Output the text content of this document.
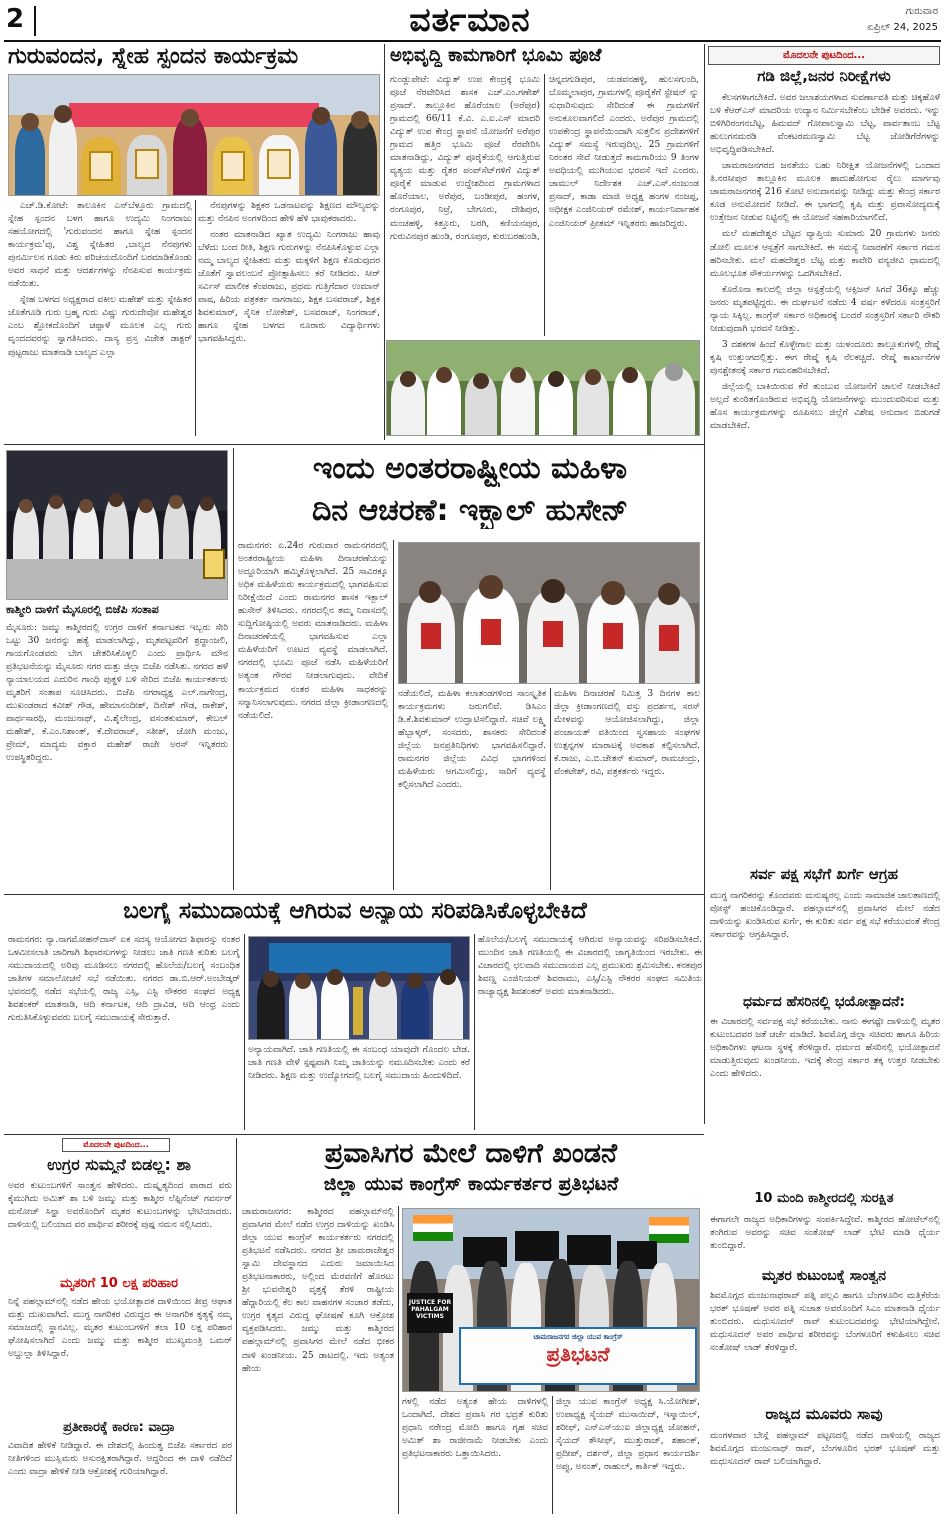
2	ವರ್ತಮಾನ	ಗುರುವಾರ
ಏಪ್ರಿಲ್ 24, 2025
ಗುರುವಂದನ, ಸ್ನೇಹ ಸ್ಪಂದನ ಕಾರ್ಯಕ್ರಮ

ಎಚ್.ಡಿ.ಕೋಟೆ: ತಾಲೂಕಿನ ಎನ್‌ಬೆಳ್ತೂರು ಗ್ರಾಮದಲ್ಲಿ ಸ್ನೇಹ ಸ್ಪಂದನ ಬಳಗ ಹಾಗೂ ಉದ್ಯಮಿ ನಿಂಗರಾಜು ಸಹಯೋಗದಲ್ಲಿ 'ಗುರುವಂದನ ಹಾಗೂ ಸ್ನೇಹ ಸ್ಪಂದನ ಕಾರ್ಯಕ್ರಮ'ವು, ವಿಶ್ವ ಸ್ನೇಹಿತರ ,ಬಾಲ್ಯದ ನೆನಪುಗಳು ಪುನರ್ಮಿಲನ ಗೂಡು ಕಿರು ಪರಿಚಯದೊಂದಿಗೆ ಬರಮಾಡಿಕೊಂಡು ಅವರ ಸಾಧನೆ ಮತ್ತು ಆದರ್ಶಗಳನ್ನು ನೆನಪಿಸುವ ಕಾರ್ಯಕ್ರಮ ನಡೆಯಿತು.

ಸ್ನೇಹ ಬಳಗದ ಅಧ್ಯಕ್ಷರಾದ ವಕೀಲ ಮಹೇಶ್ ಮತ್ತು ಸ್ನೇಹಿತರ ಜೊತೆಗೂಡಿ ಗುರು ಬ್ರಹ್ಮ ಗುರು ವಿಷ್ಣು ಗುರುದೇವೋ ಮಹೇಶ್ವರ ಎಂಬ ಶ್ಲೋಕದೊಂದಿಗೆ ಚಪ್ಪಾಳೆ ಮೂಲಕ ಎಲ್ಲ ಗುರು ವೃಂದದವರನ್ನು ಸ್ವಾಗತಿಸಿದರು. ದಾಸ್ಯ ಪ್ರಸ್ತ ವಿಜೇತ ಡಾಕ್ಟರ್ ಪುಟ್ಟರಾಜು ಮಾತನಾಡಿ ಬಾಲ್ಯದ ಎಲ್ಲಾ

ನೆನಪುಗಳನ್ನು ಶಿಕ್ಷಕರ ಒಡನಾಟವನ್ನು ಶಿಕ್ಷಣದ ಮೌಲ್ಯವನ್ನು ಮತ್ತು ನೆನಪಿನ ಅಂಗಳದಿಂದ ಹೇಳಿ ಹೆಳಿ ಭಾವುಕರಾದರು.

ನಂತರ ಮಾತನಾಡಿದ ಖ್ಯಾತ ಉದ್ಯಮಿ ನಿಂಗರಾಜು ಹಾವು ಬೆಳೆದು ಬಂದ ರೀತಿ, ಶಿಕ್ಷಣ ಗುರುಗಳನ್ನು ನೆನಪಿಸಿಕೊಳ್ಳುವ ಎಲ್ಲಾ ನಮ್ಮ ಬಾಲ್ಯದ ಸ್ನೇಹಿತರು ಮತ್ತು ಮಕ್ಕಳಿಗೆ ಶಿಕ್ಷಣ ಕೊಡುವುದರ ಜೊತೆಗೆ ಸ್ವಾವಲಂಬನೆ ಪ್ರೋತ್ಸಾಹಿಸಲು ಕರೆ ನೀಡಿದರು. ಸೀರ್ ಸರ್ವಿಸ್ ಮಾಲೀಕ ಕೆಂಪರಾಜು, ಪ್ರಥಮ ಗುತ್ತಿಗೆದಾರ ಉಮಾನ್ ಪಾಷ, ಹಿರಿಯ ಪತ್ರಕರ್ತ ನಾಗರಾಜು, ಶಿಕ್ಷಕ ಬಸವರಾಜ್, ಶಿಕ್ಷಕ ಶಿವಕುಮಾರ್, ಸೈನಿಕ ಲೋಕೇಶ್, ಬಸವರಾಜ್, ನಿಂಗರಾಜ್, ಹಾಗೂ ಸ್ನೇಹ ಬಳಗದ ನೂರಾರು ವಿದ್ಯಾರ್ಥಿಗಳು ಭಾಗವಹಿಸಿದ್ದರು.

ಅಭಿವೃದ್ಧಿ ಕಾಮಗಾರಿಗೆ ಭೂಮಿ ಪೂಜೆ
ಗುಂಡ್ಲುಪೇಟೆ: ವಿದ್ಯುತ್ ಉಪ ಕೇಂದ್ರಕ್ಕೆ ಭೂಮಿ ಪೂಜೆ ನೆರವೇರಿಸಿದ ಶಾಸಕ ಎಚ್.ಎಂ.ಗಣೇಶ್ ಪ್ರಸಾದ್. ತಾಲ್ಲೂಕಿನ ಹೊರೆಯಾಲ (ಅರೆಪುರ) ಗ್ರಾಮದಲ್ಲಿ 66/11 ಕೆ.ವಿ. ಎ.ಐ.ಎಸ್ ಮಾದರಿ ವಿದ್ಯುತ್ ಉಪ ಕೇಂದ್ರ ಸ್ಥಾಪನೆ ಯೋಜನೆಗೆ ಅರೆಪುರ ಗ್ರಾಮದ ಹತ್ತಿರ ಭೂಮಿ ಪೂಜೆ ನೆರವೇರಿಸಿ ಮಾತನಾಡಿದ್ದು, ವಿದ್ಯುತ್ ಪೂರೈಕೆಯಲ್ಲಿ ಆಗುತ್ತಿರುವ ವ್ಯತ್ಯಯ ಮತ್ತು ರೈತರ ಪಂಪ್‌ಸೆಟ್‌ಗಳಿಗೆ ವಿದ್ಯುತ್ ಪೂರೈಕೆ ಮಾಡುವ ಉದ್ದೇಶದಿಂದ ಗ್ರಾಮಗಳಾದ ಹೊರೆಯಾಲ, ಅರೆಪುರ, ಬಂಡೀಪುರ, ಹಂಗಳ, ರಂಗೂಪುರ, ನಿಟ್ರೆ, ಬೇಗೂರು, ದೇಶಿಪುರ, ಮಂಚಹಳ್ಳಿ, ಕಿತ್ತೂರು, ಬರಗಿ, ಕಣಿಯನಪುರ, ಗುರುವಿನಪುರ ಹುಂಡಿ, ರಂಗೂಪುರ, ಕುರುಬರಹುಂಡಿ,
ಚಿನ್ನದಗುಡಿಪುರ, ಯಡವನಹಳ್ಳಿ, ಹುಲಸಗುಂದಿ, ಬೊಮ್ಮಲಾಪುರ, ಗ್ರಾಮಗಳಲ್ಲಿ ಪೂರೈಕೆಗೆ ಸ್ಟೇಷನ್ ನ್ನು ಸುಧಾರಿಸುವುದು ಸೇರಿದಂತೆ ಈ ಗ್ರಾಮಗಳಿಗೆ ಅನುಕೂಲವಾಗಲಿದೆ ಎಂದರು. ಅರೆಪುರ ಗ್ರಾಮದಲ್ಲಿ ಉಪಕೇಂದ್ರ ಸ್ಥಾಪನೆಯಿಂದಾಗಿ ಸುತ್ತಲಿನ ಪ್ರದೇಶಗಳಿಗೆ ವಿದ್ಯುತ್ ಸಮಸ್ಯೆ ಇರುವುದಿಲ್ಲ. 25 ಗ್ರಾಮಗಳಿಗೆ ನಿರಂತರ ಸೇವೆ ನೀಡುತ್ತದೆ ಕಾಮಗಾರಿಯು 9 ತಿಂಗಳ ಅವಧಿಯಲ್ಲಿ ಮುಗಿಯುವ ಭರವಸೆ ಇದೆ ಎಂದರು. ಚಾಮುಲ್ ನಿರ್ದೇಶಕ ಎಚ್.ಎಸ್.ನಂಜುಂಡ ಪ್ರಸಾದ್, ಕಾಡಾ ಮಾಜಿ ಅಧ್ಯಕ್ಷ ಹಂಗಳ ನಂಜಪ್ಪ, ಅಧೀಕ್ಷಕ ಎಂಜಿನಿಯರ್ ರಮೇಶ್, ಕಾರ್ಯನಿರ್ವಾಹಕ ಎಂಜಿನಿಯರ್ ಪ್ರೀತಮ್ ಇನ್ನಿತರರು ಹಾಜರಿದ್ದರು.
ಮೊದಲನೇ ಪುಟದಿಂದ...
ಗಡಿ ಜಿಲ್ಲೆ,ಜನರ ನಿರೀಕ್ಷೆಗಳು

ಕೆಲಸಗಳಾಗಬೇಕಿದೆ. ಅವರ ಜಲಾಶಯಗಳಾದ ಸುವರ್ಣಾವತಿ ಮತ್ತು ಚಿಕ್ಕಹೊಳೆ ಬಳಿ ಕೆಆರ್‌ಎಸ್ ಮಾದರಿಯ ಉದ್ಯಾನ ನಿರ್ಮಿಸಬೇಕೆಂಬ ಬೇಡಿಕೆ ಅವರದು. ಇನ್ನು ಬಿಳಿಗಿರಿರಂಗನಬೆಟ್ಟ, ಹಿಮವದ್ ಗೋಪಾಲಸ್ವಾಮಿ ಬೆಟ್ಟ, ಪಾರ್ವತಾಂಬ ಬೆಟ್ಟ ಹುಲುಗನಮರಡಿ ವೆಂಕಟರಮಣಸ್ವಾಮಿ ಬೆಟ್ಟ ಜೋಡಿಗೆರೆಗಳನ್ನು ಅಭಿವೃದ್ಧಿಪಡಿಸಬೇಕಿದೆ.

ಚಾಮರಾಜನಗರದ ಜನತೆಯು ಬಹು ನಿರೀಕ್ಷಿತ ಯೋಜನೆಗಳಲ್ಲಿ ಒಂದಾದ ತಿ.ನರಸೀಪುರ ತಾಲ್ಲೂಕಿನ ಮೂಲಕ ಹಾದುಹೋಗುವ ರೈಲು ಮಾರ್ಗವು ಚಾಮರಾಜನಗರಕ್ಕೆ 216 ಕೋಟಿ ಅನುದಾನವನ್ನು ನೀಡಿದ್ದು ಮತ್ತು ಕೇಂದ್ರ ಸರ್ಕಾರ ಕೂಡ ಅನುಮೋದನೆ ನೀಡಿದೆ. ಈ ಭಾಗದಲ್ಲಿ ಕೃಷಿ ಮತ್ತು ಪ್ರವಾಸೋದ್ಯಮಕ್ಕೆ ಉತ್ತೇಜನ ನೀಡುವ ನಿಟ್ಟಿನಲ್ಲಿ ಈ ಯೋಜನೆ ಸಹಕಾರಿಯಾಗಲಿದೆ.

ಮಲೆ ಮಹದೇಶ್ವರ ಬೆಟ್ಟದ ವ್ಯಾಪ್ತಿಯ ಸುಮಾರು 20 ಗ್ರಾಮಗಳು ಜನರು ಡೋಲಿ ಮೂಲಕ ಆಸ್ಪತ್ರೆಗೆ ಸಾಗಬೇಕಿದೆ. ಈ ಸಮಸ್ಯೆ ನಿವಾರಣೆಗೆ ಸರ್ಕಾರ ಗಮನ ಹರಿಸಬೇಕು. ಮಲೆ ಮಹದೇಶ್ವರ ಬೆಟ್ಟ ಮತ್ತು ಕಾವೇರಿ ವನ್ಯಜೀವಿ ಧಾಮದಲ್ಲಿ ಮೂಲಭೂತ ಸೌಕರ್ಯಗಳನ್ನು ಒದಗಿಸಬೇಕಿದೆ.

ಕೊರೊನಾ ಕಾಲದಲ್ಲಿ ಜಿಲ್ಲಾ ಆಸ್ಪತ್ರೆಯಲ್ಲಿ ಆಕ್ಸಿಜನ್ ಸಿಗದೆ 36ಕ್ಕೂ ಹೆಚ್ಚು ಜನರು ಮೃತಪಟ್ಟಿದ್ದರು. ಈ ದುರ್ಘಟನೆ ನಡೆದು 4 ವರ್ಷ ಕಳೆದರೂ ಸಂತ್ರಸ್ತರಿಗೆ ನ್ಯಾಯ ಸಿಕ್ಕಿಲ್ಲ. ಕಾಂಗ್ರೆಸ್ ಸರ್ಕಾರ ಅಧಿಕಾರಕ್ಕೆ ಬಂದರೆ ಸಂತ್ರಸ್ತರಿಗೆ ಸರ್ಕಾರಿ ನೌಕರಿ ನೀಡುವುದಾಗಿ ಭರವಸೆ ನೀಡಿತ್ತು.

3 ದಶಕಗಳ ಹಿಂದೆ ಕೊಳ್ಳೇಗಾಲ ಮತ್ತು ಯಳಂದೂರು ತಾಲ್ಲೂಕುಗಳಲ್ಲಿ ರೇಷ್ಮೆ ಕೃಷಿ ಉತ್ತುಂಗದಲ್ಲಿತ್ತು. ಈಗ ರೇಷ್ಮೆ ಕೃಷಿ ನೆಲಕಚ್ಚಿದೆ. ರೇಷ್ಮೆ ಕಾರ್ಖಾನೆಗಳ ಪುನಶ್ಚೇತನಕ್ಕೆ ಸರ್ಕಾರ ಗಮನಹರಿಸಬೇಕಿದೆ.

ಜಿಲ್ಲೆಯಲ್ಲಿ ಬಾಕಿಯಿರುವ ಕೆರೆ ತುಂಬುವ ಯೋಜನೆಗೆ ಚಾಲನೆ ನೀಡಬೇಕಿದೆ ಅಲ್ಲದೆ ಕುಂಠಿತಗೊಂಡಿರುವ ಅಭಿವೃದ್ಧಿ ಯೋಜನೆಗಳನ್ನು ಮುಂದುವರಿಸುವ ಮತ್ತು ಹೊಸ ಕಾರ್ಯಕ್ರಮಗಳನ್ನು ರೂಪಿಸಲು ಜಿಲ್ಲೆಗೆ ವಿಶೇಷ ಅನುದಾನ ಬಿಡುಗಡೆ ಮಾಡಬೇಕಿದೆ.

ಸರ್ವ ಪಕ್ಷ ಸಭೆಗೆ ಖರ್ಗೆ ಆಗ್ರಹ
ಮುಗ್ಧ ನಾಗರಿಕರನ್ನು ಕೊಂದವರು ಮನುಷ್ಯರಲ್ಲ ಎಂದು ಸಾಮಾಜಿಕ ಜಾಲತಾಣದಲ್ಲಿ ಪೋಸ್ಟ್ ಹಂಚಿಕೊಂಡಿದ್ದಾರೆ. ಪಹಲ್ಗಾಮ್‌ನಲ್ಲಿ ಪ್ರವಾಸಿಗರ ಮೇಲೆ ನಡೆದ ದಾಳಿಯನ್ನು ಖಂಡಿಸಿರುವ ಖರ್ಗೆ, ಈ ಕುರಿತು ಸರ್ವ ಪಕ್ಷ ಸಭೆ ಕರೆಯುವಂತೆ ಕೇಂದ್ರ ಸರ್ಕಾರವನ್ನು ಆಗ್ರಹಿಸಿದ್ದಾರೆ.
ಧರ್ಮದ ಹೆಸರಿನಲ್ಲಿ ಭಯೋತ್ಪಾದನೆ:
ಈ ವಿಚಾರದಲ್ಲಿ ಸರ್ವಪಕ್ಷ ಸಭೆ ಕರೆಯಬೇಕು. ನಾನು ಈಗಷ್ಟೇ ದಾಳಿಯಲ್ಲಿ ಮೃತರ ಕುಟುಂಬದವರ ಜತೆ ಚರ್ಚೆ ಮಾಡಿದೆ. ಶಿವಮೊಗ್ಗ ಜಿಲ್ಲಾ ಸಚಿವರು ಹಾಗೂ ಹಿರಿಯ ಅಧಿಕಾರಿಗಳು ಘಟನಾ ಸ್ಥಳಕ್ಕೆ ತೆರಳಿದ್ದಾರೆ. ಧರ್ಮದ ಹೆಸರಿನಲ್ಲಿ ಭಯೋತ್ಪಾದನೆ ಮಾಡುತ್ತಿರುವುದು ಖಂಡನೀಯ. ಇದಕ್ಕೆ ಕೇಂದ್ರ ಸರ್ಕಾರ ತಕ್ಕ ಉತ್ತರ ನೀಡಬೇಕು ಎಂದು ಹೇಳಿದರು.
10 ಮಂದಿ ಕಾಶ್ಮೀರದಲ್ಲಿ ಸುರಕ್ಷಿತ
ಈಗಾಗಲೇ ರಾಜ್ಯದ ಅಧಿಕಾರಿಗಳನ್ನು ಸಂಪರ್ಕಿಸಿದ್ದೇವೆ. ಕಾಶ್ಮೀರದ ಹೋಟೆಲ್‌ನಲ್ಲಿ ತಂಗಿರುವ ಅವರನ್ನು ಸಚಿವ ಸಂತೋಷ್ ಲಾಡ್ ಭೇಟಿ ಮಾಡಿ ಧೈರ್ಯ ತುಂಬಿದ್ದಾರೆ.
ಮೃತರ ಕುಟುಂಬಕ್ಕೆ ಸಾಂತ್ವನ
ಶಿವಮೊಗ್ಗದ ಮಂಜುನಾಥರಾವ್ ಪತ್ನಿ ಪಲ್ಲವಿ ಹಾಗೂ ಬೆಂಗಳೂರಿನ ಮತ್ತಿಕೆರೆಯ ಭರತ್ ಭೂಷಣ್ ಅವರ ಪತ್ನಿ ಸುಜಾತ ಅವರೊಂದಿಗೆ ಸಿಎಂ ಮಾತನಾಡಿ ಧೈರ್ಯ ತುಂಬಿದರು. ಮಧುಸೂದನ್ ರಾವ್ ಕುಟುಂಬದವರನ್ನು ಭೇಟಿಯಾಗಿದ್ದೇನೆ. ಮಧುಸೂದನ್ ಅವರ ಪಾರ್ಥಿವ ಶರೀರವನ್ನು ಬೆಂಗಳೂರಿಗೆ ಕಳುಹಿಸಲು ಸಚಿವ ಸಂತೋಷ್ ಲಾಡ್ ತೆರಳಿದ್ದಾರೆ.
ರಾಜ್ಯದ ಮೂವರು ಸಾವು
ಮಂಗಳವಾರ ಬೇಸ್ಗೆ ಪಹಲ್ಗಾಮ್ ಪಟ್ಟಣದಲ್ಲಿ ನಡೆದ ದಾಳಿಯಲ್ಲಿ ರಾಜ್ಯದ ಶಿವಮೊಗ್ಗದ ಮಂಜುನಾಥ್ ರಾವ್, ಬೆಂಗಳೂರಿನ ಭರತ್ ಭೂಷಣ್ ಮತ್ತು ಮಧುಸೂದನ್ ರಾವ್ ಬಲಿಯಾಗಿದ್ದಾರೆ.
ಕಾಶ್ಮೀರಿ ದಾಳಿಗೆ ಮೈಸೂರಲ್ಲಿ ಬಿಜೆಪಿ ಸಂತಾಪ
ಮೈಸೂರು: ಜಮ್ಮು ಕಾಶ್ಮೀರದಲ್ಲಿ ಉಗ್ರರ ದಾಳಿಗೆ ಕರ್ನಾಟಕದ ಇಬ್ಬರು ಸೇರಿ ಒಟ್ಟು 30 ಜನರನ್ನು ಹತ್ಯೆ ಮಾಡಲಾಗಿದ್ದು, ಮೃತಪಟ್ಟವರಿಗೆ ಶ್ರದ್ಧಾಂಜಲಿ, ಗಾಯಗೊಂಡವರು ಬೇಗ ಚೇತರಿಸಿಕೊಳ್ಳಲಿ ಎಂದು ಪ್ರಾರ್ಥಿಸಿ ಮೌನ ಪ್ರತಿಭಟನೆಯನ್ನು ಮೈಸೂರು ನಗರ ಮತ್ತು ಜಿಲ್ಲಾ ಬಿಜೆಪಿ ನಡೆಸಿತು. ನಗರದ ಹಳೆ ನ್ಯಾಯಾಲಯದ ಎದುರಿನ ಗಾಂಧಿ ಪುತ್ಥಳಿ ಬಳಿ ಸೇರಿದ ಬಿಜೆಪಿ ಕಾರ್ಯಕರ್ತರು ಮೃತರಿಗೆ ಸಂತಾಪ ಸೂಚಿಸಿದರು. ಬಿಜೆಪಿ ನಗರಾಧ್ಯಕ್ಷ ಎಲ್.ನಾಗೇಂದ್ರ, ಮುಖಂಡರಾದ ಕವೀಶ್ ಗೌಡ, ಹೇಮಾನಂದೀಶ್, ದಿನೇಶ್ ಗೌಡ, ರಾಕೇಶ್, ಪಾರ್ಥಸಾರಥಿ, ಮಂಜುನಾಥ್, ವಿ.ಶೈಲೇಂದ್ರ, ವಸಂತಕುಮಾರ್, ಕೇಬಲ್ ಮಹೇಶ್, ಕೆ.ಎಂ.ನಿಶಾಂತ್, ಕೆ.ದೇವರಾಜ್, ಸತೀಶ್, ಜೋಗಿ ಮಂಜು, ಪ್ರೇಮ್, ಮಾದ್ಯಮ ವಕ್ತಾರ ಮಹೇಶ್ ರಾಜೇ ಅರಸ್ ಇನ್ನಿತರರು ಉಪಸ್ಥಿತರಿದ್ದರು.
ಇಂದು ಅಂತರರಾಷ್ಟ್ರೀಯ ಮಹಿಳಾ
ದಿನ ಆಚರಣೆ: ಇಕ್ಬಾಲ್ ಹುಸೇನ್
ರಾಮನಗರ: ಏ.24ರ ಗುರುವಾರ ರಾಮನಗರದಲ್ಲಿ ಅಂತರರಾಷ್ಟ್ರೀಯ ಮಹಿಳಾ ದಿನಾಚರಣೆಯನ್ನು ಅದ್ದೂರಿಯಾಗಿ ಹಮ್ಮಿಕೊಳ್ಳಲಾಗಿದೆ. 25 ಸಾವಿರಕ್ಕೂ ಅಧಿಕ ಮಹಿಳೆಯರು ಕಾರ್ಯಕ್ರಮದಲ್ಲಿ ಭಾಗವಹಿಸುವ ನಿರೀಕ್ಷೆಯಿದೆ ಎಂದು ರಾಮನಗರ ಶಾಸಕ ಇಕ್ಬಾಲ್ ಹುಸೇನ್ ತಿಳಿಸಿದರು. ನಗರದಲ್ಲಿನ ತಮ್ಮ ನಿವಾಸದಲ್ಲಿ ಸುದ್ದಿಗೋಷ್ಠಿಯಲ್ಲಿ ಅವರು ಮಾತನಾಡಿದರು. ಮಹಿಳಾ ದಿನಾಚರಣೆಯಲ್ಲಿ ಭಾಗವಹಿಸುವ ಎಲ್ಲಾ ಮಹಿಳೆಯರಿಗೆ ಊಟದ ವ್ಯವಸ್ಥೆ ಮಾಡಲಾಗಿದೆ. ನಗರದಲ್ಲಿ ಭೂಮಿ ಪೂಜೆ ನಡೆಸಿ ಮಹಿಳೆಯರಿಗೆ ಅತ್ಯಂತ ಗೌರವ ನೀಡಲಾಗುವುದು. ವೇದಿಕೆ ಕಾರ್ಯಕ್ರಮದ ನಂತರ ಮಹಿಳಾ ಸಾಧಕರನ್ನು ಸನ್ಮಾನಿಸಲಾಗುವುದು. ನಗರದ ಜಿಲ್ಲಾ ಕ್ರೀಡಾಂಗಣದಲ್ಲಿ ನಡೆಯಲಿದೆ.
ನಡೆಯಲಿದೆ, ಮಹಿಳಾ ಕಲಾತಂಡಗಳಿಂದ ಸಾಂಸ್ಕೃತಿಕ ಕಾರ್ಯಕ್ರಮಗಳು ಜರುಗಲಿವೆ. ಡಿಸಿಎಂ ಡಿ.ಕೆ.ಶಿವಕುಮಾರ್ ಉದ್ಘಾಟಿಸಲಿದ್ದಾರೆ. ಸಚಿವೆ ಲಕ್ಷ್ಮಿ ಹೆಬ್ಬಾಳ್ಕರ್, ಸಂಸದರು, ಶಾಸಕರು ಸೇರಿದಂತೆ ಜಿಲ್ಲೆಯ ಜನಪ್ರತಿನಿಧಿಗಳು ಭಾಗವಹಿಸಲಿದ್ದಾರೆ. ರಾಮನಗರ ಜಿಲ್ಲೆಯ ವಿವಿಧ ಭಾಗಗಳಿಂದ ಮಹಿಳೆಯರು ಆಗಮಿಸಲಿದ್ದು, ಸಾರಿಗೆ ವ್ಯವಸ್ಥೆ ಕಲ್ಪಿಸಲಾಗಿದೆ ಎಂದರು.
ಮಹಿಳಾ ದಿನಾಚರಣೆ ನಿಮಿತ್ತ 3 ದಿನಗಳ ಕಾಲ ಜಿಲ್ಲಾ ಕ್ರೀಡಾಂಗಣದಲ್ಲಿ ವಸ್ತು ಪ್ರದರ್ಶನ, ಸರಸ್ ಮೇಳವನ್ನು ಆಯೋಜಿಸಲಾಗಿದ್ದು, ಜಿಲ್ಲಾ ಪಂಚಾಯತ್ ವತಿಯಿಂದ ಸ್ವಸಹಾಯ ಸಂಘಗಳ ಉತ್ಪನ್ನಗಳ ಮಾರಾಟಕ್ಕೆ ಅವಕಾಶ ಕಲ್ಪಿಸಲಾಗಿದೆ. ಕೆ.ರಾಜು, ಎ.ಬಿ.ಚೇತನ್ ಕುಮಾರ್, ರಾಮಚಂದ್ರು, ವೆಂಕಟೇಶ್, ರವಿ, ಪತ್ರಕರ್ತರು ಇದ್ದರು.
ಬಲಗೈ ಸಮುದಾಯಕ್ಕೆ ಆಗಿರುವ ಅನ್ಯಾಯ ಸರಿಪಡಿಸಿಕೊಳ್ಳಬೇಕಿದೆ
ರಾಮನಗರ: ನ್ಯಾ.ನಾಗಮೋಹನ್‌ದಾಸ್ ಏಕ ಸದಸ್ಯ ಆಯೋಗದ ಶಿಫಾರಸ್ಸು ನಂತರ ಒಳಮೀಸಲಾತಿ ಜಾರಿಗಾಗಿ ಶಿಫಾರಸುಗಳನ್ನು ನೀಡಲು ಜಾತಿ ಗಣತಿ ಕುರಿತು ಬಲಗೈ ಸಮುದಾಯದಲ್ಲಿ ಅರಿವು ಮೂಡಿಸಲು ನಗರದಲ್ಲಿ ಹೊಲೆಯ/ಬಲಗೈ ಸಂಬಂಧಿತ ಜಾತಿಗಳ ಸಮಾಲೋಚನೆ ಸಭೆ ನಡೆಯಿತು. ನಗರದ ಡಾ.ಬಿ.ಆರ್.ಅಂಬೇಡ್ಕರ್ ಭವನದಲ್ಲಿ ನಡೆದ ಸಭೆಯಲ್ಲಿ ರಾಜ್ಯ ಎಸ್ಸಿ, ಎಸ್ಟಿ ನೌಕರರ ಸಂಘದ ಅಧ್ಯಕ್ಷ ಶಿವಶಂಕರ್ ಮಾತನಾಡಿ, ಆದಿ ಕರ್ನಾಟಕ, ಆದಿ ದ್ರಾವಿಡ, ಆದಿ ಆಂಧ್ರ ಎಂದು ಗುರುತಿಸಿಕೊಳ್ಳುವವರು ಬಲಗೈ ಸಮುದಾಯಕ್ಕೆ ಸೇರುತ್ತಾರೆ.
ಅನ್ಯಾಯವಾಗಿದೆ. ಜಾತಿ ಗಣತಿಯಲ್ಲಿ ಈ ಸಂಬಂಧ ಯಾವುದೇ ಗೊಂದಲ ಬೇಡ. ಜಾತಿ ಗಣತಿ ವೇಳೆ ಸ್ಪಷ್ಟವಾಗಿ ನಿಮ್ಮ ಜಾತಿಯನ್ನು ನಮೂದಿಸಬೇಕು ಎಂದು ಕರೆ ನೀಡಿದರು. ಶಿಕ್ಷಣ ಮತ್ತು ಉದ್ಯೋಗದಲ್ಲಿ ಬಲಗೈ ಸಮುದಾಯ ಹಿಂದುಳಿದಿದೆ.
ಹೊಲೆಯ/ಬಲಗೈ ಸಮುದಾಯಕ್ಕೆ ಆಗಿರುವ ಅನ್ಯಾಯವನ್ನು ಸರಿಪಡಿಸಬೇಕಿದೆ. ಮುಂದಿನ ಜಾತಿ ಗಣತಿಯಲ್ಲಿ ಈ ವಿಚಾರದಲ್ಲಿ ಜಾಗೃತಿಯಿಂದ ಇರಬೇಕು. ಈ ವಿಚಾರದಲ್ಲಿ ಛಲವಾದಿ ಸಮುದಾಯದ ಎಲ್ಲ ಪ್ರಮುಖರು ಶ್ರಮಿಸಬೇಕು. ಕನಕಪುರ ಶಿವಣ್ಣ ಎಂಜಿನಿಯರ್ ಶಿವರಾಮು, ಎಸ್ಸಿ/ಎಸ್ಟಿ ನೌಕರರ ಸಂಘದ ಸಮಿತಿಯ ರಾಜ್ಯಾಧ್ಯಕ್ಷ ಶಿವಶಂಕರ್ ಅವರು ಮಾತನಾಡಿದರು.
ಮೊದಲನೇ ಪುಟದಿಂದ...
ಉಗ್ರರ ಸುಮ್ಮನೆ ಬಿಡಲ್ಲ: ಶಾ
ಅವರ ಕುಟುಂಬಗಳಿಗೆ ಸಾಂತ್ವನ ಹೇಳಿದರು. ದುಷ್ಕೃತ್ಯದಿಂದ ಪಾರಾದ ವರು ಕೈಮುಗಿದು ಅಮಿತ್ ಶಾ ಬಳಿ ಜಮ್ಮು ಮತ್ತು ಕಾಶ್ಮೀರ ಲೆಫ್ಟಿನೆಂಟ್ ಗವರ್ನರ್ ಮನೋಜ್ ಸಿನ್ಹಾ ಅವರೊಂದಿಗೆ ಮೃತರ ಕುಟುಂಬಗಳನ್ನು ಭೇಟಿಯಾದರು. ದಾಳಿಯಲ್ಲಿ ಬಲಿಯಾದ ವರ ಪಾರ್ಥಿವ ಶರೀರಕ್ಕೆ ಪುಷ್ಪ ನಮನ ಸಲ್ಲಿಸಿದರು.
ಮೃತರಿಗೆ 10 ಲಕ್ಷ ಪರಿಹಾರ
ನಿನ್ನೆ ಪಹಲ್ಗಾಮ್‌ನಲ್ಲಿ ನಡೆದ ಹೇಯ ಭಯೋತ್ಪಾದಕ ದಾಳಿಯಿಂದ ತೀವ್ರ ಆಘಾತ ಮತ್ತು ದುಃಖವಾಗಿದೆ. ಮುಗ್ಧ ನಾಗರಿಕರ ವಿರುದ್ಧದ ಈ ಅನಾಗರಿಕ ಕೃತ್ಯಕ್ಕೆ ನಮ್ಮ ಸಮಾಜದಲ್ಲಿ ಸ್ಥಾನವಿಲ್ಲ. ಮೃತರ ಕುಟುಂಬಗಳಿಗೆ ತಲಾ 10 ಲಕ್ಷ ಪರಿಹಾರ ಘೋಷಿಸಲಾಗಿದೆ ಎಂದು ಜಮ್ಮು ಮತ್ತು ಕಾಶ್ಮೀರ ಮುಖ್ಯಮಂತ್ರಿ ಒಮರ್ ಅಬ್ದುಲ್ಲಾ ತಿಳಿಸಿದ್ದಾರೆ.
ಪ್ರತೀಕಾರಕ್ಕೆ ಕಾರಣ: ವಾದ್ರಾ
ವಿವಾದಿತ ಹೇಳಿಕೆ ನೀಡಿದ್ದಾರೆ. ಈ ದೇಶದಲ್ಲಿ ಹಿಂದುತ್ವ ಬಿಜೆಪಿ ಸರ್ಕಾರದ ಪರ ನೀತಿಗಳಿಂದ ಮುಸ್ಲಿಮರು ಅಸುರಕ್ಷಿತರಾಗಿದ್ದಾರೆ. ಆದ್ದರಿಂದ ಈ ದಾಳಿ ನಡೆದಿದೆ ಎಂದು ವಾದ್ರಾ ಹೇಳಿಕೆ ನೀಡಿ ಆಕ್ರೋಶಕ್ಕೆ ಗುರಿಯಾಗಿದ್ದಾರೆ.
ಪ್ರವಾಸಿಗರ ಮೇಲೆ ದಾಳಿಗೆ ಖಂಡನೆ
ಜಿಲ್ಲಾ ಯುವ ಕಾಂಗ್ರೆಸ್ ಕಾರ್ಯಕರ್ತರ ಪ್ರತಿಭಟನೆ
ಚಾಮರಾಜನಗರ: ಕಾಶ್ಮೀರದ ಪಹಲ್ಗಾಮ್‌ನಲ್ಲಿ ಪ್ರವಾಸಿಗರ ಮೇಲೆ ನಡೆದ ಉಗ್ರರ ದಾಳಿಯನ್ನು ಖಂಡಿಸಿ ಜಿಲ್ಲಾ ಯುವ ಕಾಂಗ್ರೆಸ್ ಕಾರ್ಯಕರ್ತರು ನಗರದಲ್ಲಿ ಪ್ರತಿಭಟನೆ ನಡೆಸಿದರು. ನಗರದ ಶ್ರೀ ಚಾಮರಾಜೇಶ್ವರ ಸ್ವಾಮಿ ದೇವಸ್ಥಾನದ ಎದುರು ಜಮಾಯಿಸಿದ ಪ್ರತಿಭಟನಾಕಾರರು, ಅಲ್ಲಿಂದ ಮೆರವಣಿಗೆ ಹೊರಟು ಶ್ರೀ ಭುವನೇಶ್ವರಿ ವೃತ್ತಕ್ಕೆ ತೆರಳಿ ರಾಷ್ಟ್ರೀಯ ಹೆದ್ದಾರಿಯಲ್ಲಿ ಕೆಲ ಕಾಲ ವಾಹನಗಳ ಸಂಚಾರ ತಡೆದು, ಉಗ್ರರ ಕೃತ್ಯದ ವಿರುದ್ಧ ಘೋಷಣೆ ಕೂಗಿ ಆಕ್ರೋಶ ವ್ಯಕ್ತಪಡಿಸಿದರು. ಜಮ್ಮು ಮತ್ತು ಕಾಶ್ಮೀರದ ಪಹಲ್ಗಾಮ್‌ನಲ್ಲಿ ಪ್ರವಾಸಿಗರ ಮೇಲೆ ನಡೆದ ಭೀಕರ ದಾಳಿ ಖಂಡನೀಯ. 25 ಡಾಟದಲ್ಲಿ. ಇದು ಅತ್ಯಂತ ಹೇಯ
JUSTICE FOR PAHALGAM VICTIMS
ಚಾಮರಾಜನಗರ ಜಿಲ್ಲಾ ಯುವ ಕಾಂಗ್ರೆಸ್
ಪ್ರತಿಭಟನೆ
ಗಳಲ್ಲಿ ನಡೆದ ಅತ್ಯಂತ ಹೇಯ ದಾಳಿಗಳಲ್ಲಿ ಒಂದಾಗಿದೆ. ದೇಶದ ಪ್ರವಾಸಿ ಗರ ಭದ್ರತೆ ಕುರಿತು ಪ್ರಧಾನಿ ನರೇಂದ್ರ ಮೋದಿ ಹಾಗೂ ಗೃಹ ಸಚಿವ ಅಮಿತ್ ಶಾ ರಾಜೀನಾಮೆ ನೀಡಬೇಕು ಎಂದು ಪ್ರತಿಭಟನಾಕಾರರು ಒತ್ತಾಯಿಸಿದರು.
ಜಿಲ್ಲಾ ಯುವ ಕಾಂಗ್ರೆಸ್ ಅಧ್ಯಕ್ಷ ಸಿ.ಯೋಗೀಶ್, ಉಪಾಧ್ಯಕ್ಷ ಸೈಯದ್ ಮುಸಾಯಿದ್, ಇಸ್ಮಾಯಿಲ್, ಶರೀಫ್, ಎನ್‌ಎಸ್‌ಯುಐ ಜಿಲ್ಲಾಧ್ಯಕ್ಷ ಜೋಹನ್, ಸೈಯದ್ ತೌಸೀಫ್, ಮುತ್ತುರಾಜ್, ಶಹಾಂಕ್, ಪ್ರದೀಪ್, ದರ್ಶನ್, ಜಿಲ್ಲಾ ಪ್ರಧಾನ ಕಾರ್ಯದರ್ಶಿ ಅಪ್ಪು, ಅನಂತ್, ರಾಹುಲ್, ಕಾರ್ತಿಕ್ ಇದ್ದರು.
